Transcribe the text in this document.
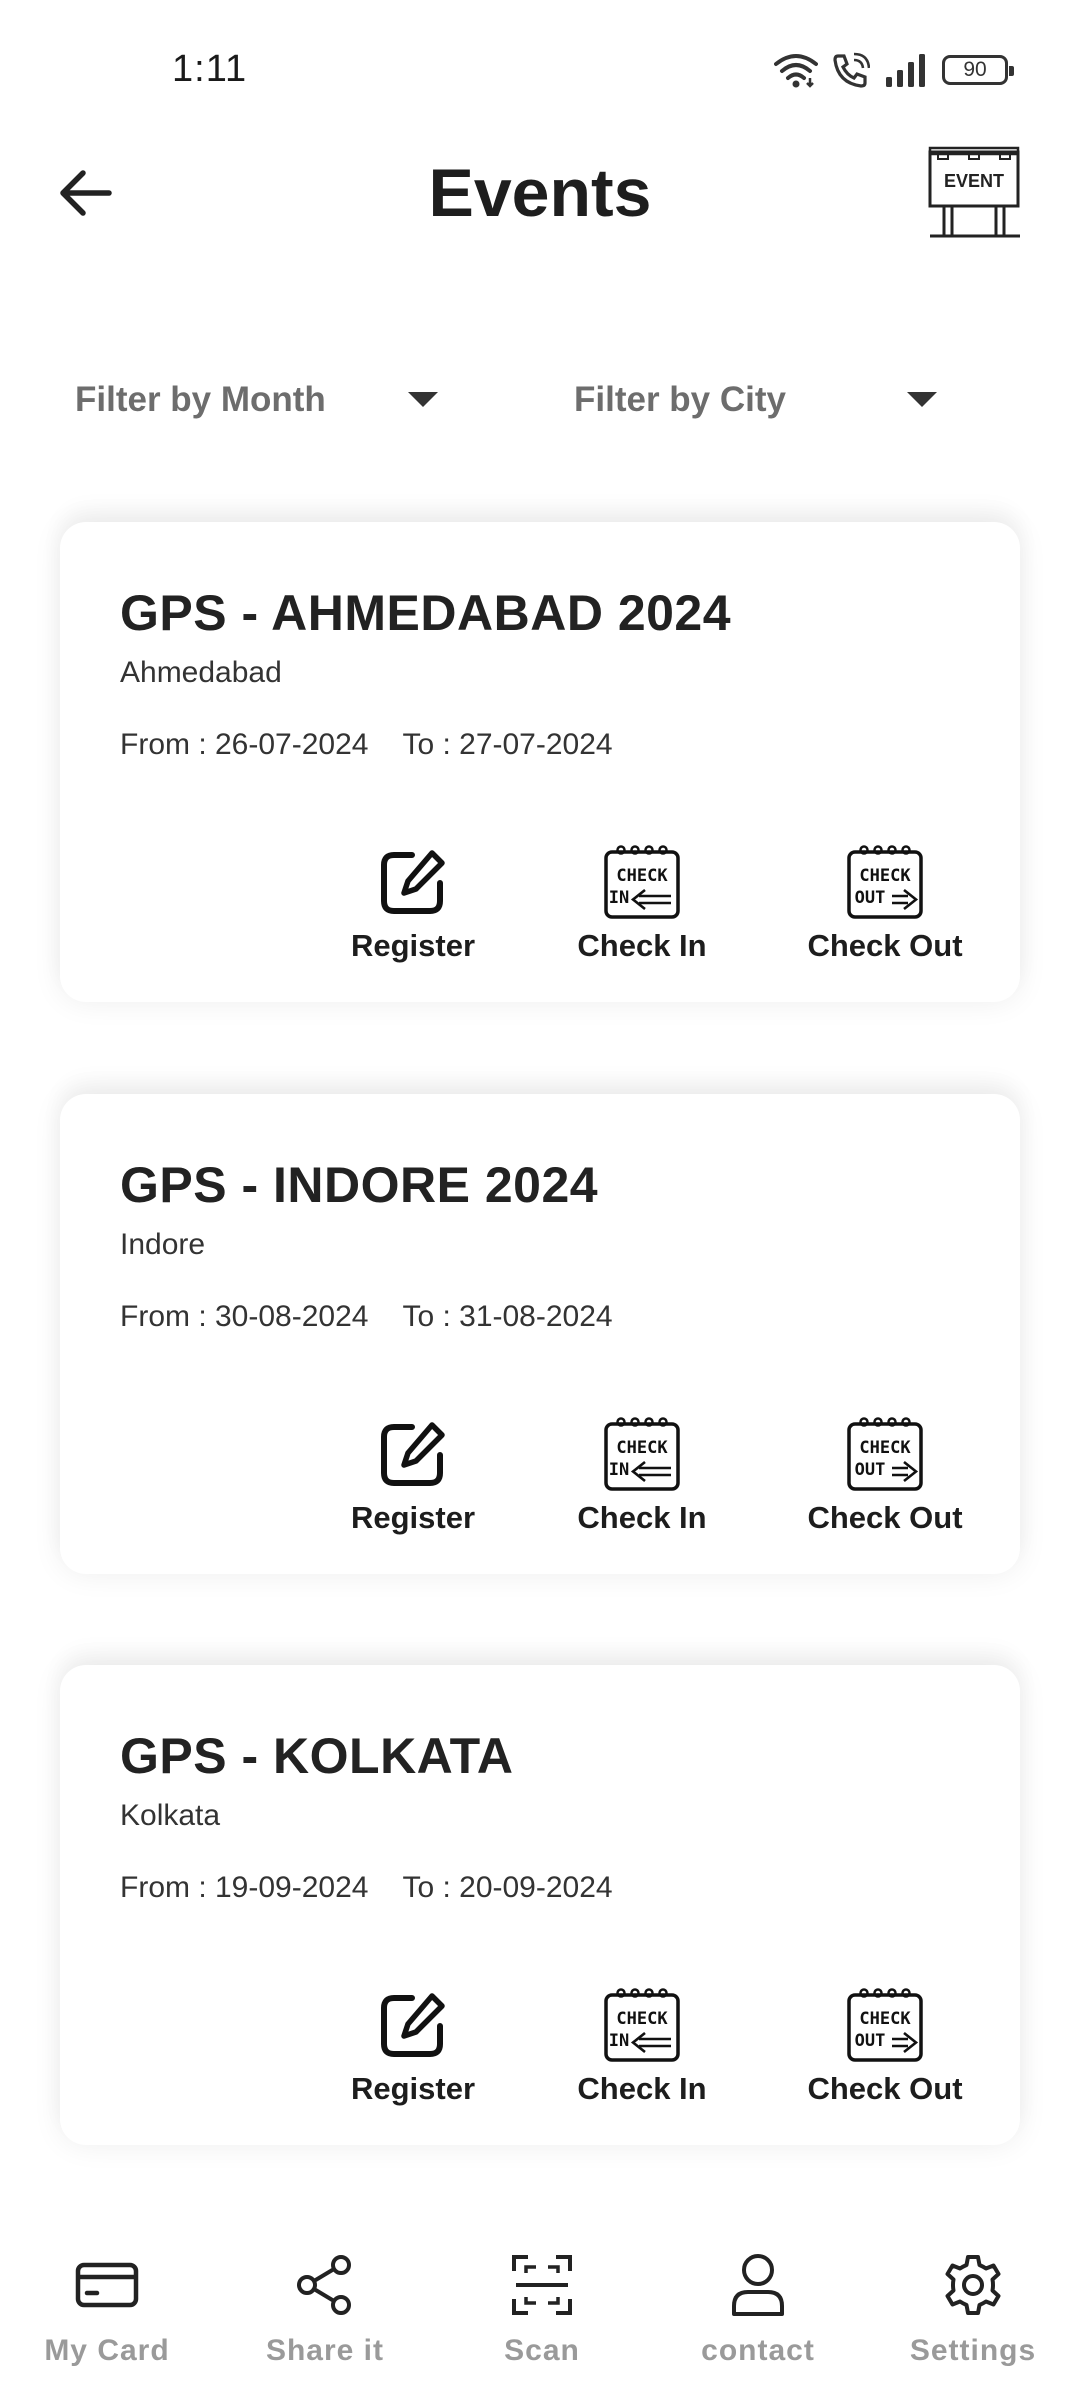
1:11	90
Events	EVENT
Filter by Month	Filter by City
GPS - AHMEDABAD 2024
Ahmedabad
From : 26-07-2024 To : 27-07-2024
Register
CHECK
IN
Check In
CHECK
OUT
Check Out
GPS - INDORE 2024
Indore
From : 30-08-2024 To : 31-08-2024
Register
CHECK
IN
Check In
CHECK
OUT
Check Out
GPS - KOLKATA
Kolkata
From : 19-09-2024 To : 20-09-2024
Register
CHECK
IN
Check In
CHECK
OUT
Check Out
My Card	Share it	Scan	contact	Settings
